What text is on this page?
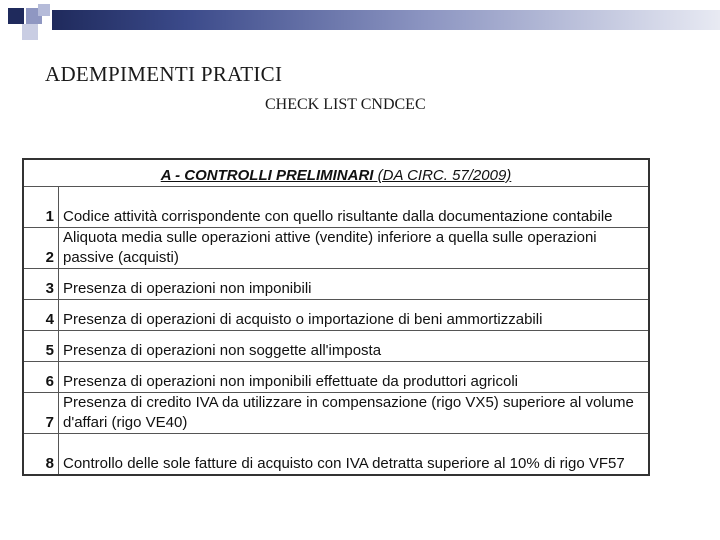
ADEMPIMENTI PRATICI
CHECK LIST CNDCEC
A - CONTROLLI PRELIMINARI (DA CIRC. 57/2009)	
1	Codice attività corrispondente con quello risultante dalla documentazione contabile
2	Aliquota media sulle operazioni attive (vendite) inferiore a quella sulle operazioni passive (acquisti)
3	Presenza di operazioni non imponibili
4	Presenza di operazioni di acquisto o importazione di beni ammortizzabili
5	Presenza di operazioni non soggette all'imposta
6	Presenza di operazioni non imponibili effettuate da produttori agricoli
7	Presenza di credito IVA da utilizzare in compensazione (rigo VX5) superiore al volume d'affari (rigo VE40)
8	Controllo delle sole fatture di acquisto con IVA detratta superiore al 10% di rigo VF57
